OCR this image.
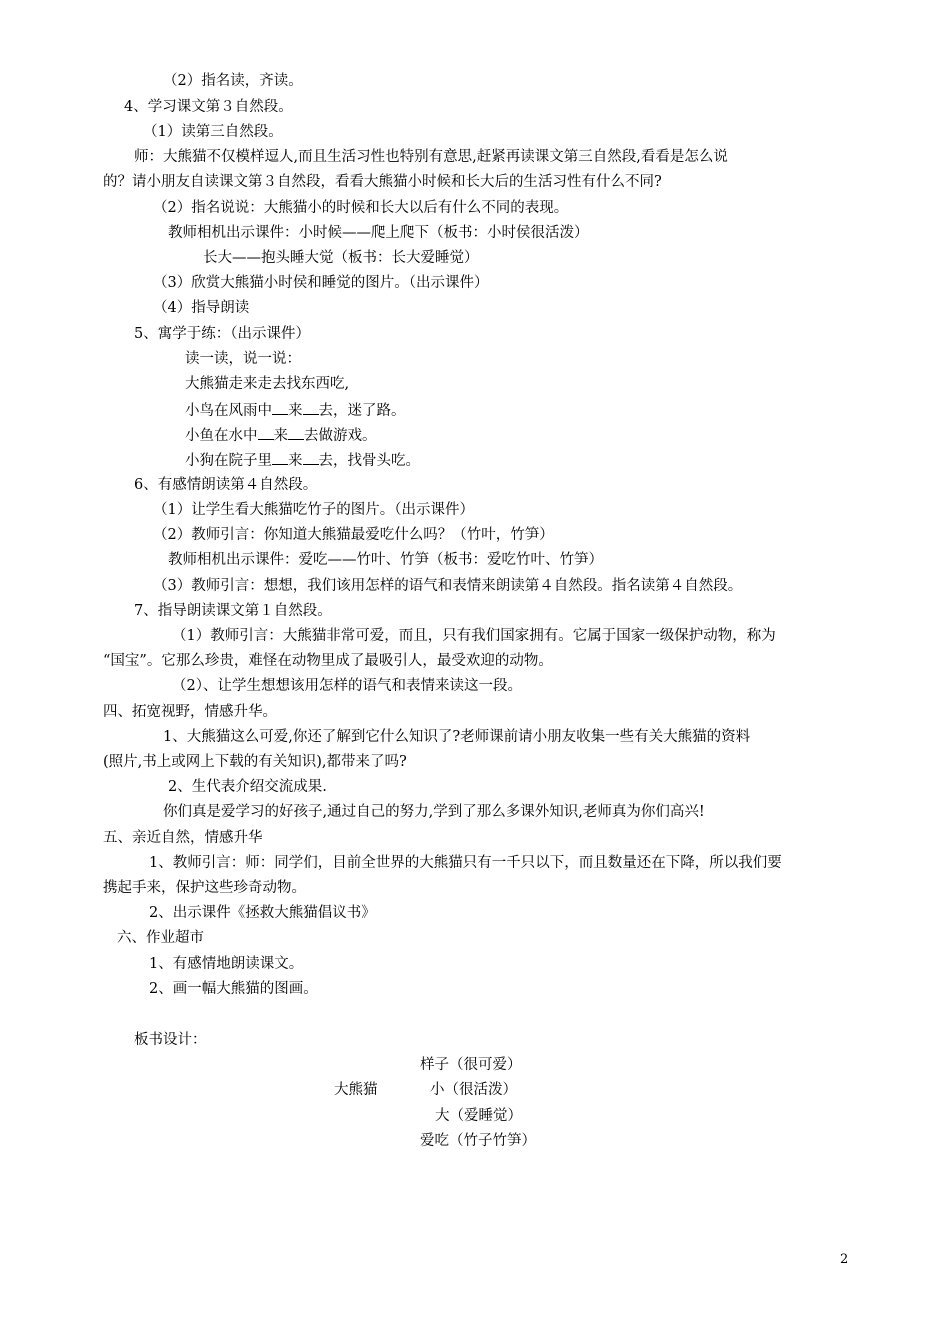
（2）指名读，齐读。
4、学习课文第３自然段。
（1）读第三自然段。
师：大熊猫不仅模样逗人,而且生活习性也特别有意思,赶紧再读课文第三自然段,看看是怎么说
的？请小朋友自读课文第３自然段，看看大熊猫小时候和长大后的生活习性有什么不同?
（2）指名说说：大熊猫小的时候和长大以后有什么不同的表现。
教师相机出示课件：小时候——爬上爬下（板书：小时侯很活泼）
长大——抱头睡大觉（板书：长大爱睡觉）
（3）欣赏大熊猫小时侯和睡觉的图片。（出示课件）
（4）指导朗读
5、寓学于练：（出示课件）
读一读，说一说：
大熊猫走来走去找东西吃,
小鸟在风雨中 来 去，迷了路。
小鱼在水中 来 去做游戏。
小狗在院子里 来 去，找骨头吃。
6、有感情朗读第４自然段。
（1）让学生看大熊猫吃竹子的图片。（出示课件）
（2）教师引言：你知道大熊猫最爱吃什么吗？（竹叶，竹笋）
教师相机出示课件：爱吃——竹叶、竹笋（板书：爱吃竹叶、竹笋）
（3）教师引言：想想，我们该用怎样的语气和表情来朗读第４自然段。指名读第４自然段。
7、指导朗读课文第１自然段。
（1）教师引言：大熊猫非常可爱，而且，只有我们国家拥有。它属于国家一级保护动物，称为
“国宝”。它那么珍贵，难怪在动物里成了最吸引人，最受欢迎的动物。
（2）、让学生想想该用怎样的语气和表情来读这一段。
四、拓宽视野，情感升华。
1、大熊猫这么可爱,你还了解到它什么知识了?老师课前请小朋友收集一些有关大熊猫的资料
(照片,书上或网上下载的有关知识),都带来了吗?
2、生代表介绍交流成果.
你们真是爱学习的好孩子,通过自己的努力,学到了那么多课外知识,老师真为你们高兴!
五、亲近自然，情感升华
1、教师引言：师：同学们，目前全世界的大熊猫只有一千只以下，而且数量还在下降，所以我们要
携起手来，保护这些珍奇动物。
2、出示课件《拯救大熊猫倡议书》
六、作业超市
1、有感情地朗读课文。
2、画一幅大熊猫的图画。
板书设计：
样子（很可爱）
大熊猫	小（很活泼）
大（爱睡觉）
爱吃（竹子竹笋）
2
